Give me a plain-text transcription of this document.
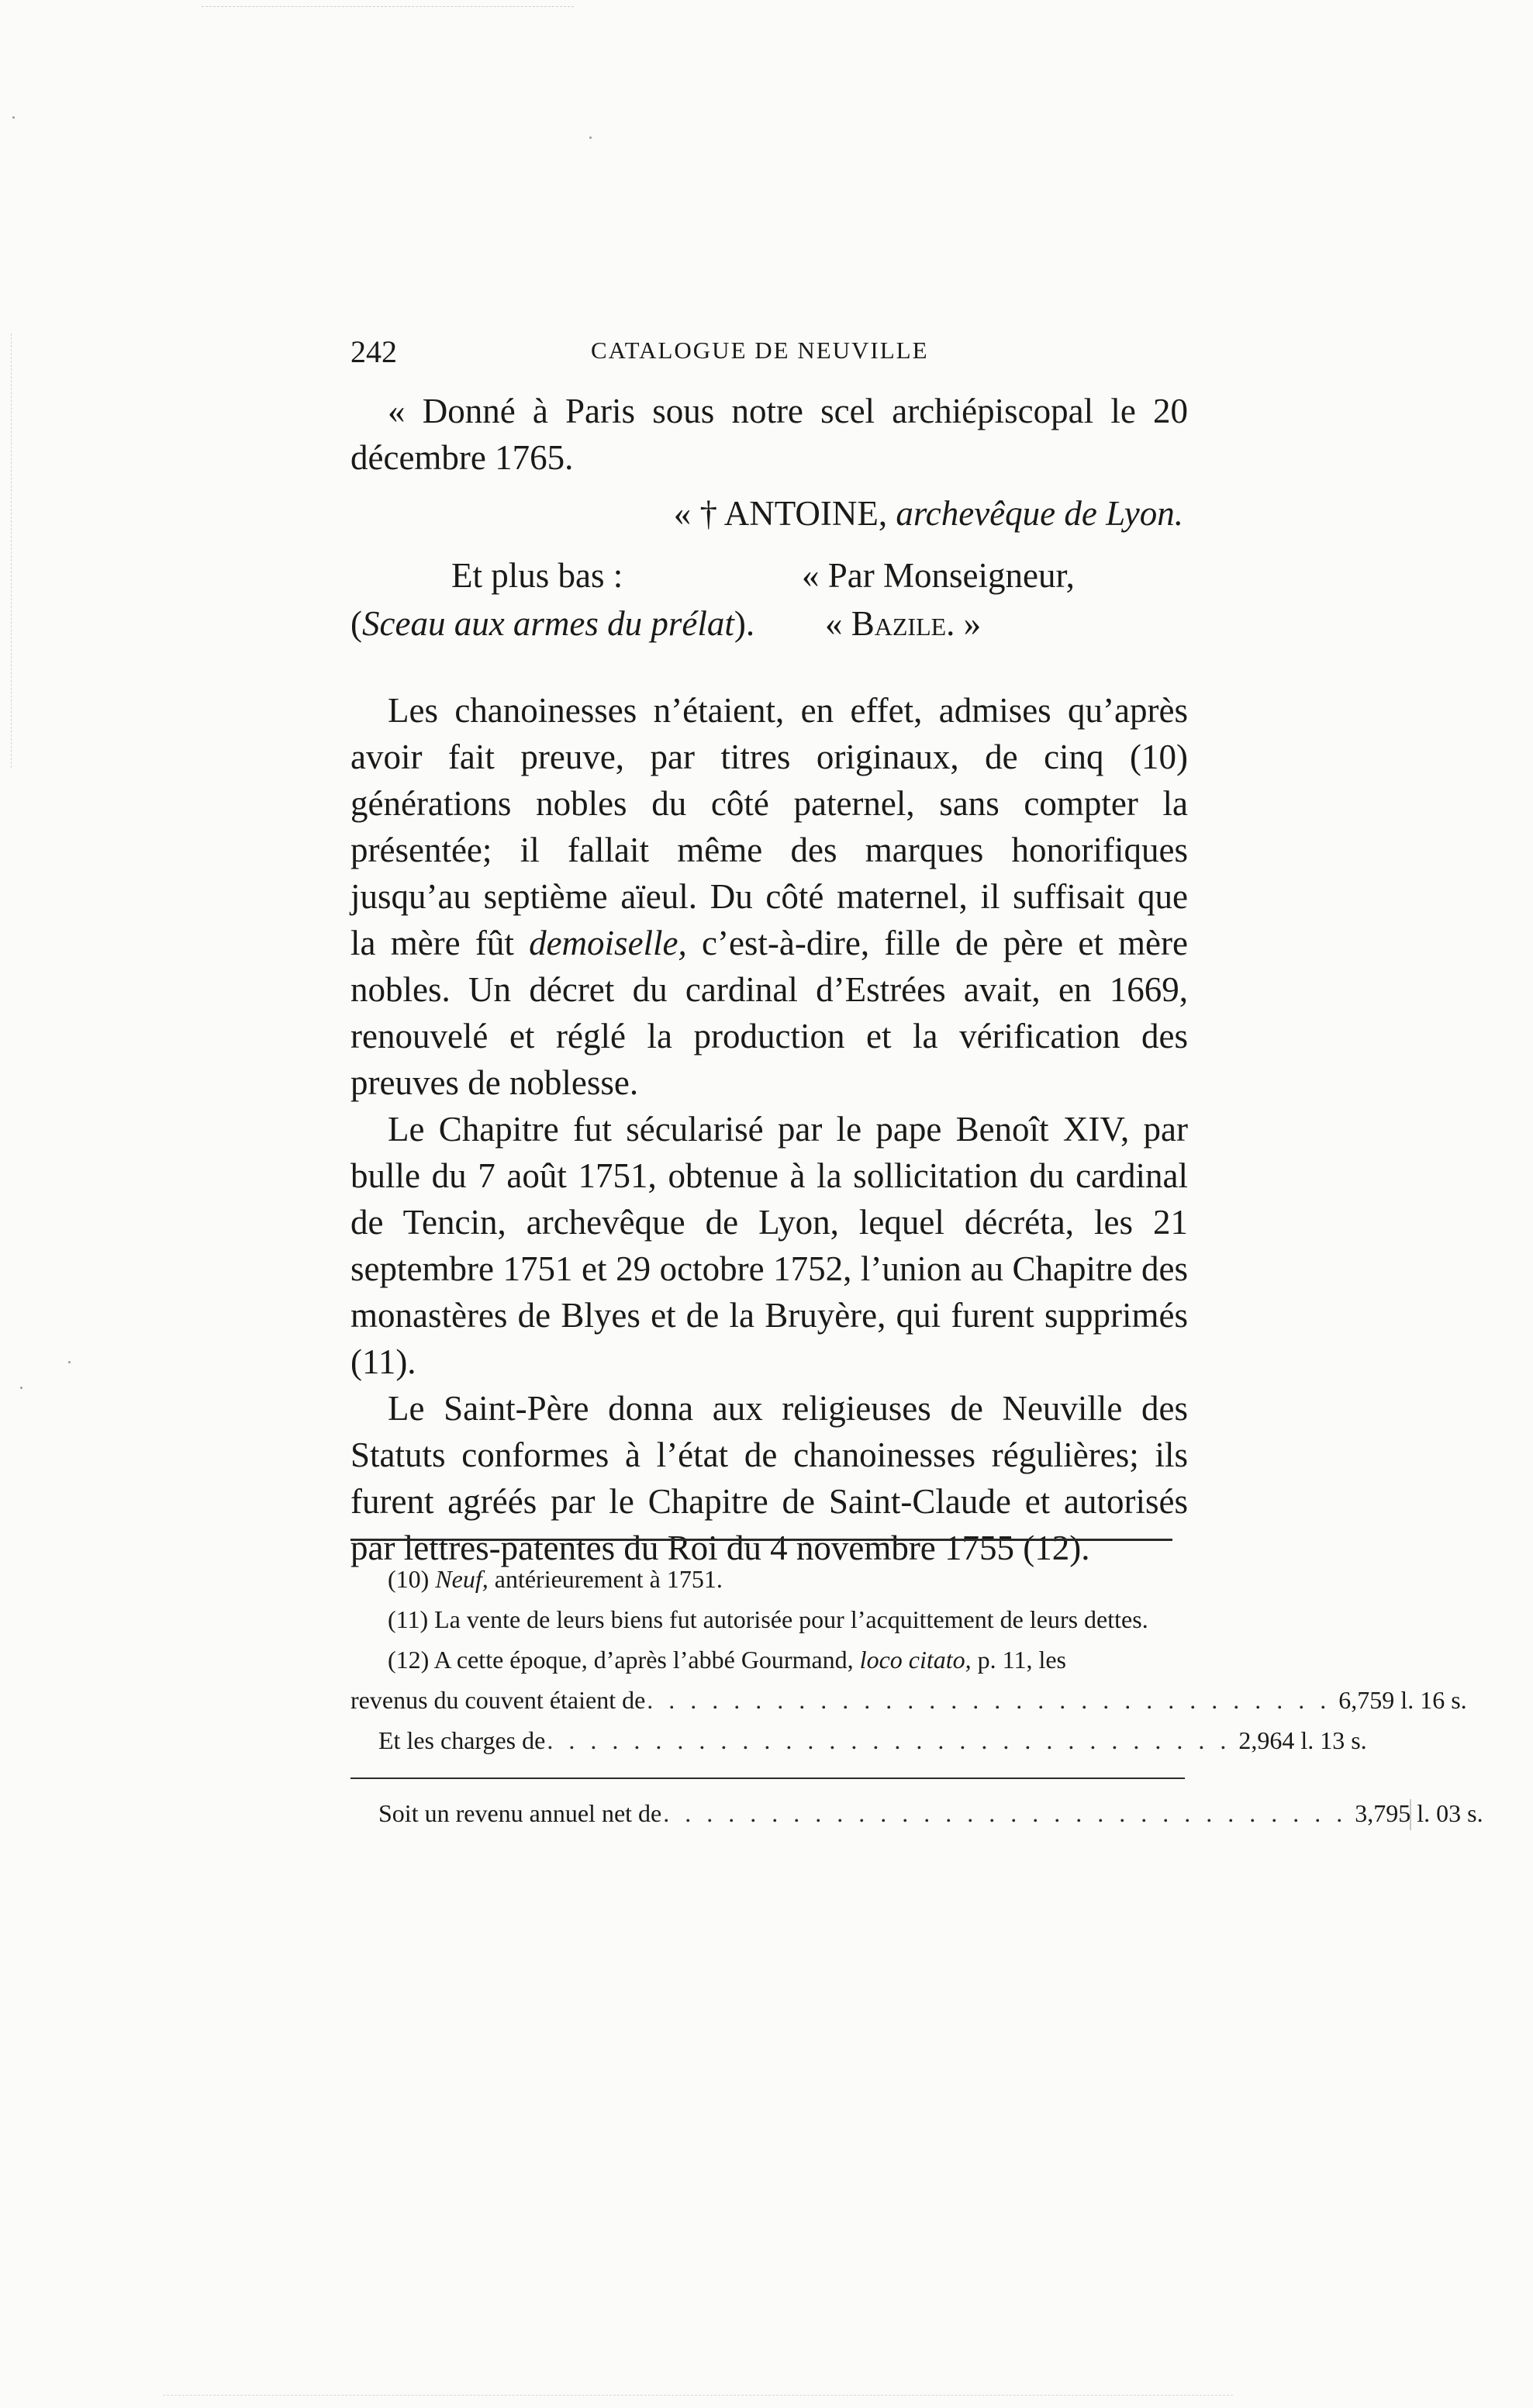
242	CATALOGUE DE NEUVILLE

« Donné à Paris sous notre scel archiépiscopal le 20 décembre 1765.

« † ANTOINE, archevêque de Lyon.

Et plus bas :
(Sceau aux armes du prélat).
« Par Monseigneur,
« Bazile. »

Les chanoinesses n’étaient, en effet, admises qu’après avoir fait preuve, par titres originaux, de cinq (10) générations nobles du côté paternel, sans compter la présentée; il fallait même des marques honorifiques jusqu’au septième aïeul. Du côté maternel, il suffisait que la mère fût demoiselle, c’est-à-dire, fille de père et mère nobles. Un décret du cardinal d’Estrées avait, en 1669, renouvelé et réglé la production et la vérification des preuves de noblesse.

Le Chapitre fut sécularisé par le pape Benoît XIV, par bulle du 7 août 1751, obtenue à la sollicitation du cardinal de Tencin, archevêque de Lyon, lequel décréta, les 21 septembre 1751 et 29 octobre 1752, l’union au Chapitre des monastères de Blyes et de la Bruyère, qui furent supprimés (11).

Le Saint-Père donna aux religieuses de Neuville des Statuts conformes à l’état de chanoinesses régulières; ils furent agréés par le Chapitre de Saint-Claude et autorisés par lettres-patentes du Roi du 4 novembre 1755 (12).

(10) Neuf, antérieurement à 1751.

(11) La vente de leurs biens fut autorisée pour l’acquittement de leurs dettes.

(12) A cette époque, d’après l’abbé Gourmand, loco citato, p. 11, les

revenus du couvent étaient de . . . . . . . . . . . . . . . . . . . . . . . . . . . . . . . . 6,759 l. 16 s.
Et les charges de . . . . . . . . . . . . . . . . . . . . . . . . . . . . . . . . 2,964 l. 13 s.
Soit un revenu annuel net de . . . . . . . . . . . . . . . . . . . . . . . . . . . . . . . . 3,795 l. 03 s.
